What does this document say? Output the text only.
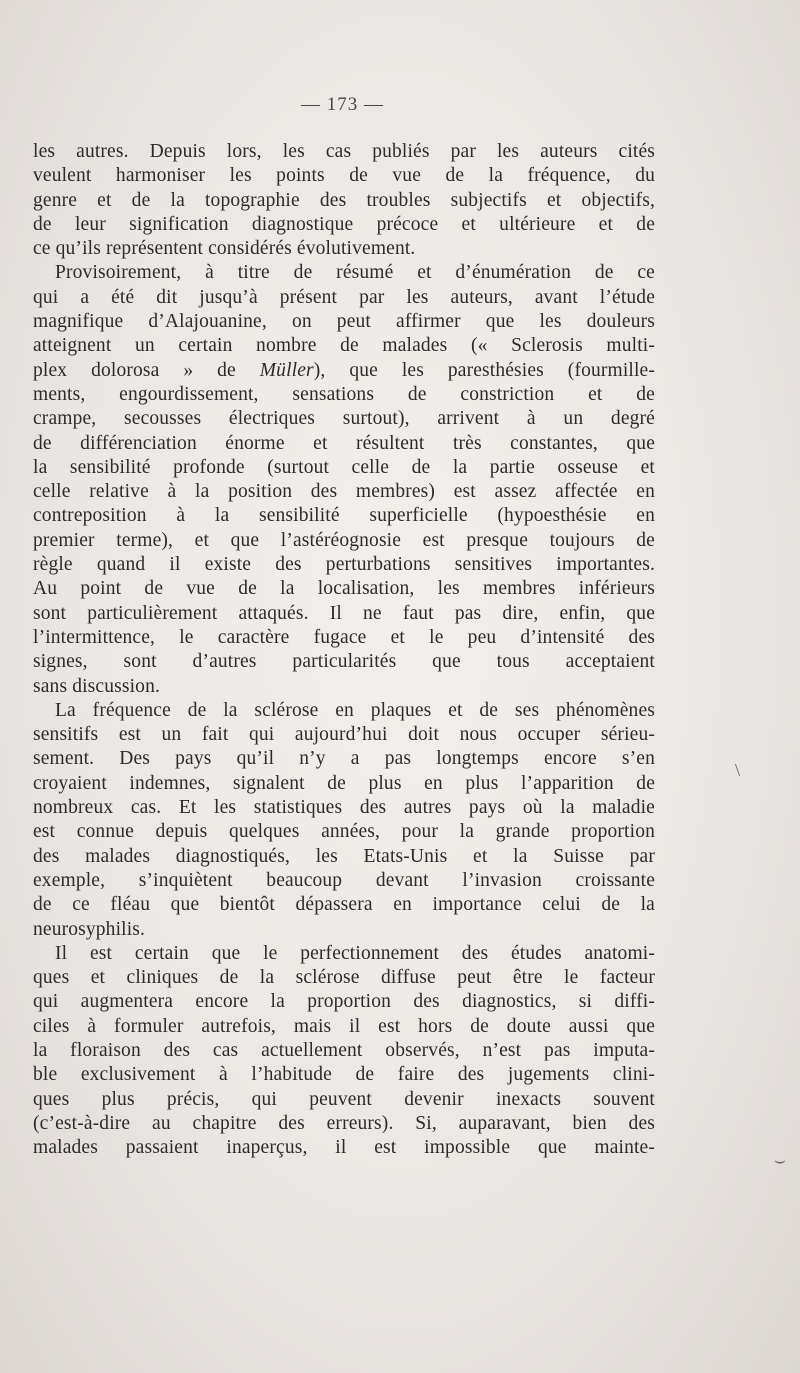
— 173 —
les autres. Depuis lors, les cas publiés par les auteurs cités
veulent harmoniser les points de vue de la fréquence, du
genre et de la topographie des troubles subjectifs et objectifs,
de leur signification diagnostique précoce et ultérieure et de
ce qu’ils représentent considérés évolutivement.
Provisoirement, à titre de résumé et d’énumération de ce
qui a été dit jusqu’à présent par les auteurs, avant l’étude
magnifique d’Alajouanine, on peut affirmer que les douleurs
atteignent un certain nombre de malades (« Sclerosis multi-
plex dolorosa » de Müller), que les paresthésies (fourmille-
ments, engourdissement, sensations de constriction et de
crampe, secousses électriques surtout), arrivent à un degré
de différenciation énorme et résultent très constantes, que
la sensibilité profonde (surtout celle de la partie osseuse et
celle relative à la position des membres) est assez affectée en
contreposition à la sensibilité superficielle (hypoesthésie en
premier terme), et que l’astéréognosie est presque toujours de
règle quand il existe des perturbations sensitives importantes.
Au point de vue de la localisation, les membres inférieurs
sont particulièrement attaqués. Il ne faut pas dire, enfin, que
l’intermittence, le caractère fugace et le peu d’intensité des
signes, sont d’autres particularités que tous acceptaient
sans discussion.
La fréquence de la sclérose en plaques et de ses phénomènes
sensitifs est un fait qui aujourd’hui doit nous occuper sérieu-
sement. Des pays qu’il n’y a pas longtemps encore s’en
croyaient indemnes, signalent de plus en plus l’apparition de
nombreux cas. Et les statistiques des autres pays où la maladie
est connue depuis quelques années, pour la grande proportion
des malades diagnostiqués, les Etats-Unis et la Suisse par
exemple, s’inquiètent beaucoup devant l’invasion croissante
de ce fléau que bientôt dépassera en importance celui de la
neurosyphilis.
Il est certain que le perfectionnement des études anatomi-
ques et cliniques de la sclérose diffuse peut être le facteur
qui augmentera encore la proportion des diagnostics, si diffi-
ciles à formuler autrefois, mais il est hors de doute aussi que
la floraison des cas actuellement observés, n’est pas imputa-
ble exclusivement à l’habitude de faire des jugements clini-
ques plus précis, qui peuvent devenir inexacts souvent
(c’est-à-dire au chapitre des erreurs). Si, auparavant, bien des
malades passaient inaperçus, il est impossible que mainte-
\
⌣
